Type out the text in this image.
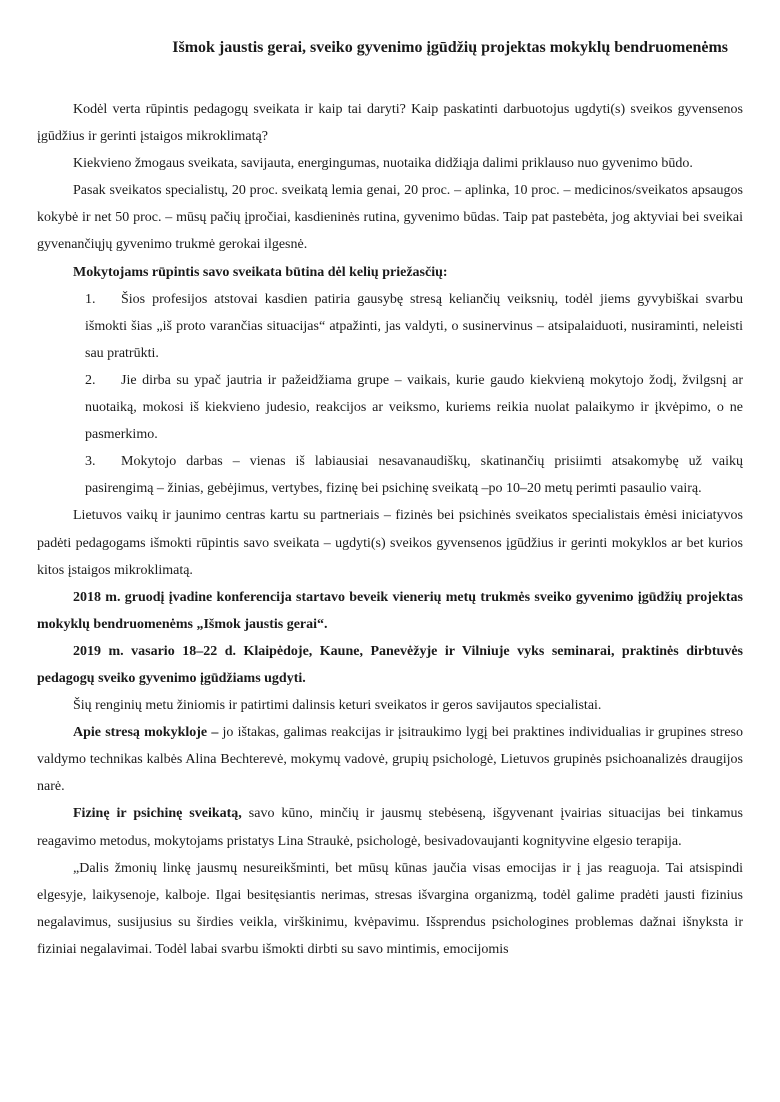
Išmok jaustis gerai, sveiko gyvenimo įgūdžių projektas mokyklų bendruomenėms

Kodėl verta rūpintis pedagogų sveikata ir kaip tai daryti? Kaip paskatinti darbuotojus ugdyti(s) sveikos gyvensenos įgūdžius ir gerinti įstaigos mikroklimatą?

Kiekvieno žmogaus sveikata, savijauta, energingumas, nuotaika didžiąja dalimi priklauso nuo gyvenimo būdo.

Pasak sveikatos specialistų, 20 proc. sveikatą lemia genai, 20 proc. – aplinka, 10 proc. – medicinos/sveikatos apsaugos kokybė ir net 50 proc. – mūsų pačių įpročiai, kasdieninės rutina, gyvenimo būdas. Taip pat pastebėta, jog aktyviai bei sveikai gyvenančiųjų gyvenimo trukmė gerokai ilgesnė.

Mokytojams rūpintis savo sveikata būtina dėl kelių priežasčių:

1. Šios profesijos atstovai kasdien patiria gausybę stresą keliančių veiksnių, todėl jiems gyvybiškai svarbu išmokti šias „iš proto varančias situacijas“ atpažinti, jas valdyti, o susinervinus – atsipalaiduoti, nusiraminti, neleisti sau pratrūkti.
2. Jie dirba su ypač jautria ir pažeidžiama grupe – vaikais, kurie gaudo kiekvieną mokytojo žodį, žvilgsnį ar nuotaiką, mokosi iš kiekvieno judesio, reakcijos ar veiksmo, kuriems reikia nuolat palaikymo ir įkvėpimo, o ne pasmerkimo.
3. Mokytojo darbas – vienas iš labiausiai nesavanaudiškų, skatinančių prisiimti atsakomybę už vaikų pasirengimą – žinias, gebėjimus, vertybes, fizinę bei psichinę sveikatą –po 10–20 metų perimti pasaulio vairą.

Lietuvos vaikų ir jaunimo centras kartu su partneriais – fizinės bei psichinės sveikatos specialistais ėmėsi iniciatyvos padėti pedagogams išmokti rūpintis savo sveikata – ugdyti(s) sveikos gyvensenos įgūdžius ir gerinti mokyklos ar bet kurios kitos įstaigos mikroklimatą.

2018 m. gruodį įvadine konferencija startavo beveik vienerių metų trukmės sveiko gyvenimo įgūdžių projektas mokyklų bendruomenėms „Išmok jaustis gerai“.

2019 m. vasario 18–22 d. Klaipėdoje, Kaune, Panevėžyje ir Vilniuje vyks seminarai, praktinės dirbtuvės pedagogų sveiko gyvenimo įgūdžiams ugdyti.

Šių renginių metu žiniomis ir patirtimi dalinsis keturi sveikatos ir geros savijautos specialistai.

Apie stresą mokykloje – jo ištakas, galimas reakcijas ir įsitraukimo lygį bei praktines individualias ir grupines streso valdymo technikas kalbės Alina Bechterevė, mokymų vadovė, grupių psichologė, Lietuvos grupinės psichoanalizės draugijos narė.

Fizinę ir psichinę sveikatą, savo kūno, minčių ir jausmų stebėseną, išgyvenant įvairias situacijas bei tinkamus reagavimo metodus, mokytojams pristatys Lina Straukė, psichologė, besivadovaujanti kognityvine elgesio terapija.

„Dalis žmonių linkę jausmų nesureikšminti, bet mūsų kūnas jaučia visas emocijas ir į jas reaguoja. Tai atsispindi elgesyje, laikysenoje, kalboje. Ilgai besitęsiantis nerimas, stresas išvargina organizmą, todėl galime pradėti jausti fizinius negalavimus, susijusius su širdies veikla, virškinimu, kvėpavimu. Išsprendus psichologines problemas dažnai išnyksta ir fiziniai negalavimai. Todėl labai svarbu išmokti dirbti su savo mintimis, emocijomis
